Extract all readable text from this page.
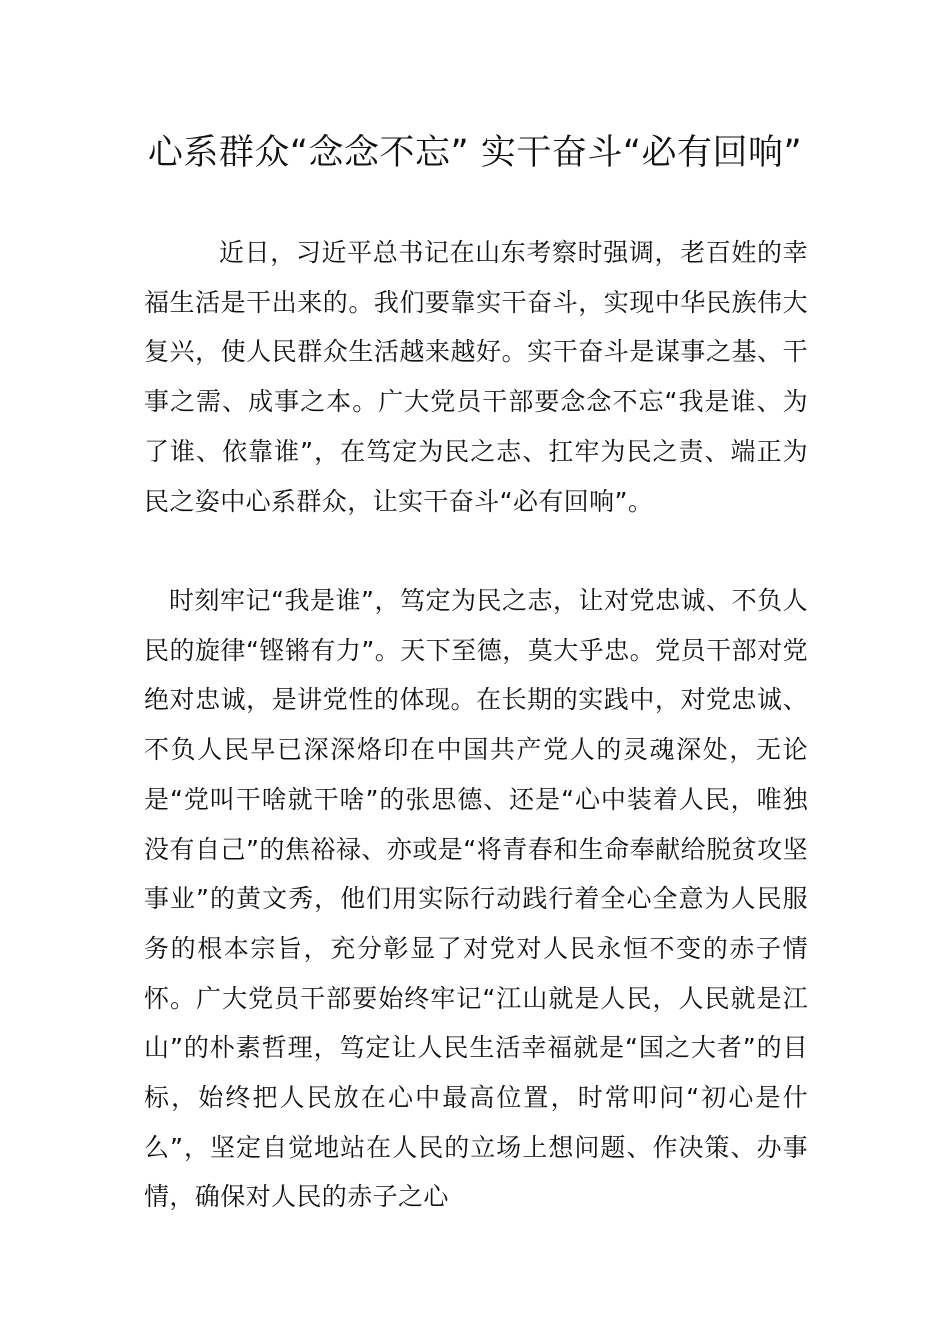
心系群众“念念不忘” 实干奋斗“必有回响”

近日，习近平总书记在山东考察时强调，老百姓的幸福生活是干出来的。我们要靠实干奋斗，实现中华民族伟大复兴，使人民群众生活越来越好。实干奋斗是谋事之基、干事之需、成事之本。广大党员干部要念念不忘“我是谁、为了谁、依靠谁”，在笃定为民之志、扛牢为民之责、端正为民之姿中心系群众，让实干奋斗“必有回响”。

时刻牢记“我是谁”，笃定为民之志，让对党忠诚、不负人民的旋律“铿锵有力”。天下至德，莫大乎忠。党员干部对党绝对忠诚，是讲党性的体现。在长期的实践中，对党忠诚、不负人民早已深深烙印在中国共产党人的灵魂深处，无论是“党叫干啥就干啥”的张思德、还是“心中装着人民，唯独没有自己”的焦裕禄、亦或是“将青春和生命奉献给脱贫攻坚事业”的黄文秀，他们用实际行动践行着全心全意为人民服务的根本宗旨，充分彰显了对党对人民永恒不变的赤子情怀。广大党员干部要始终牢记“江山就是人民，人民就是江山”的朴素哲理，笃定让人民生活幸福就是“国之大者”的目标，始终把人民放在心中最高位置，时常叩问“初心是什么”，坚定自觉地站在人民的立场上想问题、作决策、办事情，确保对人民的赤子之心
